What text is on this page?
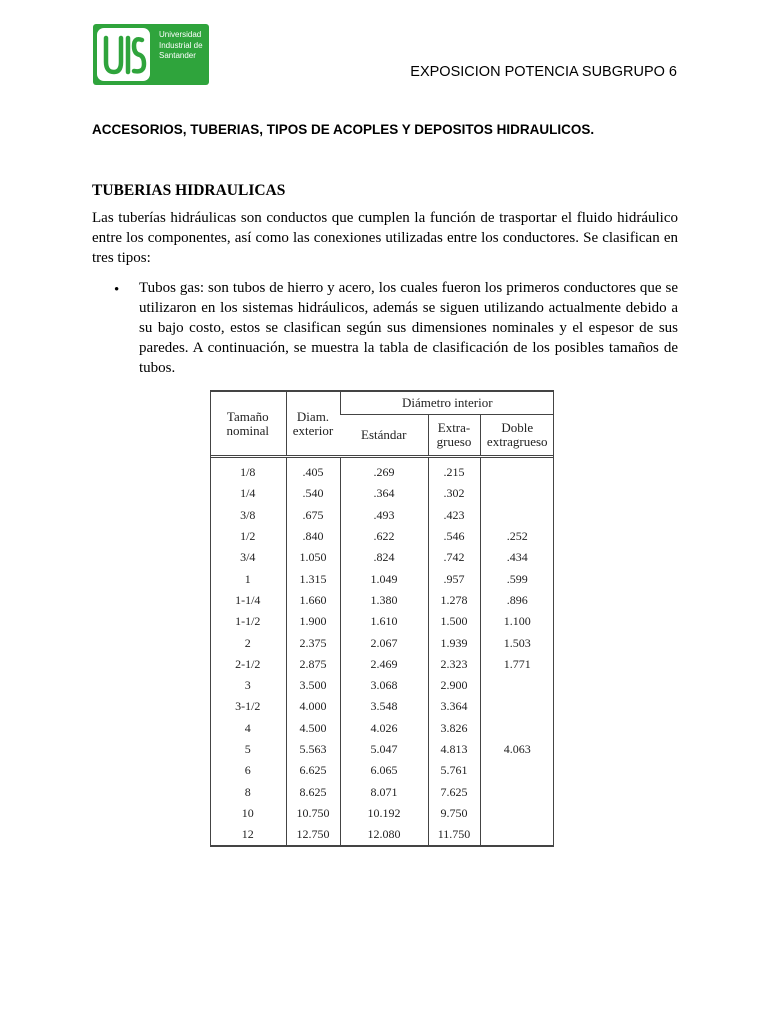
Universidad
Industrial de
Santander
EXPOSICION POTENCIA SUBGRUPO 6
ACCESORIOS, TUBERIAS, TIPOS DE ACOPLES Y DEPOSITOS HIDRAULICOS.
TUBERIAS HIDRAULICAS

Las tuberías hidráulicas son conductos que cumplen la función de trasportar el fluido hidráulico entre los componentes, así como las conexiones utilizadas entre los conductores. Se clasifican en tres tipos:

• Tubos gas: son tubos de hierro y acero, los cuales fueron los primeros conductores que se utilizaron en los sistemas hidráulicos, además se siguen utilizando actualmente debido a su bajo costo, estos se clasifican según sus dimensiones nominales y el espesor de sus paredes. A continuación, se muestra la tabla de clasificación de los posibles tamaños de tubos.

Tamaño nominal	Diam. exterior	Diámetro interior		
		Estándar	Extra- grueso	Doble extragrueso
1/8	.405	.269	.215	
1/4	.540	.364	.302	
3/8	.675	.493	.423	
1/2	.840	.622	.546	.252
3/4	1.050	.824	.742	.434
1	1.315	1.049	.957	.599
1-1/4	1.660	1.380	1.278	.896
1-1/2	1.900	1.610	1.500	1.100
2	2.375	2.067	1.939	1.503
2-1/2	2.875	2.469	2.323	1.771
3	3.500	3.068	2.900	
3-1/2	4.000	3.548	3.364	
4	4.500	4.026	3.826	
5	5.563	5.047	4.813	4.063
6	6.625	6.065	5.761	
8	8.625	8.071	7.625	
10	10.750	10.192	9.750	
12	12.750	12.080	11.750	
